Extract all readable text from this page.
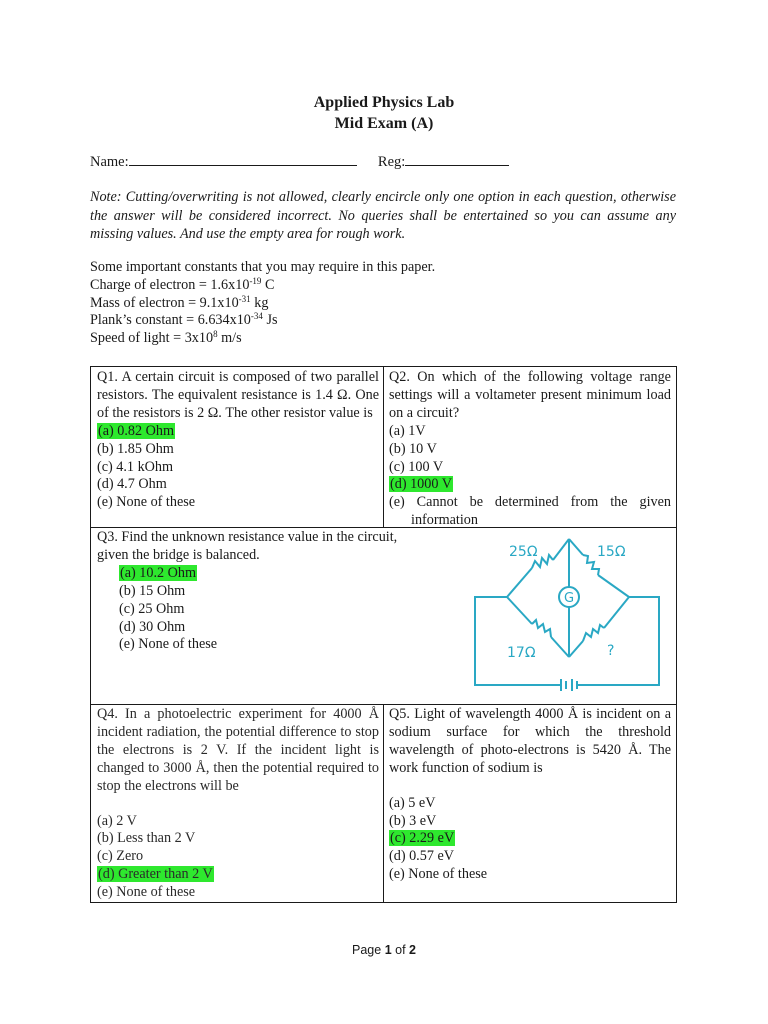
Applied Physics Lab
Mid Exam (A)
Name:	Reg:
Note: Cutting/overwriting is not allowed, clearly encircle only one option in each question, otherwise the answer will be considered incorrect. No queries shall be entertained so you can assume any missing values. And use the empty area for rough work.
Some important constants that you may require in this paper.
Charge of electron = $1.6x10^{-19}$ C
Mass of electron = $9.1x10^{-31}$ kg
Plank’s constant = $6.634x10^{-34}$ Js
Speed of light = $3x10^8$ m/s
Q1. A certain circuit is composed of two parallel resistors. The equivalent resistance is 1.4 Ω. One of the resistors is 2 Ω. The other resistor value is
(a) 0.82 Ohm
(b) 1.85 Ohm
(c) 4.1 kOhm
(d) 4.7 Ohm
(e) None of these
Q2. On which of the following voltage range settings will a voltameter present minimum load on a circuit?
(a) 1V
(b) 10 V
(c) 100 V
(d) 1000 V
(e) Cannot be determined from the given information
Q3. Find the unknown resistance value in the circuit,
given the bridge is balanced.
(a) 10.2 Ohm
(b) 15 Ohm
(c) 25 Ohm
(d) 30 Ohm
(e) None of these
25Ω	15Ω
17Ω	?
G
Q4. In a photoelectric experiment for 4000 Å incident radiation, the potential difference to stop the electrons is 2 V. If the incident light is changed to 3000 Å, then the potential required to stop the electrons will be
(a) 2 V
(b) Less than 2 V
(c) Zero
(d) Greater than 2 V
(e) None of these
Q5. Light of wavelength 4000 Å is incident on a sodium surface for which the threshold wavelength of photo-electrons is 5420 Å. The work function of sodium is
(a) 5 eV
(b) 3 eV
(c) 2.29 eV
(d) 0.57 eV
(e) None of these
Page 1 of 2
